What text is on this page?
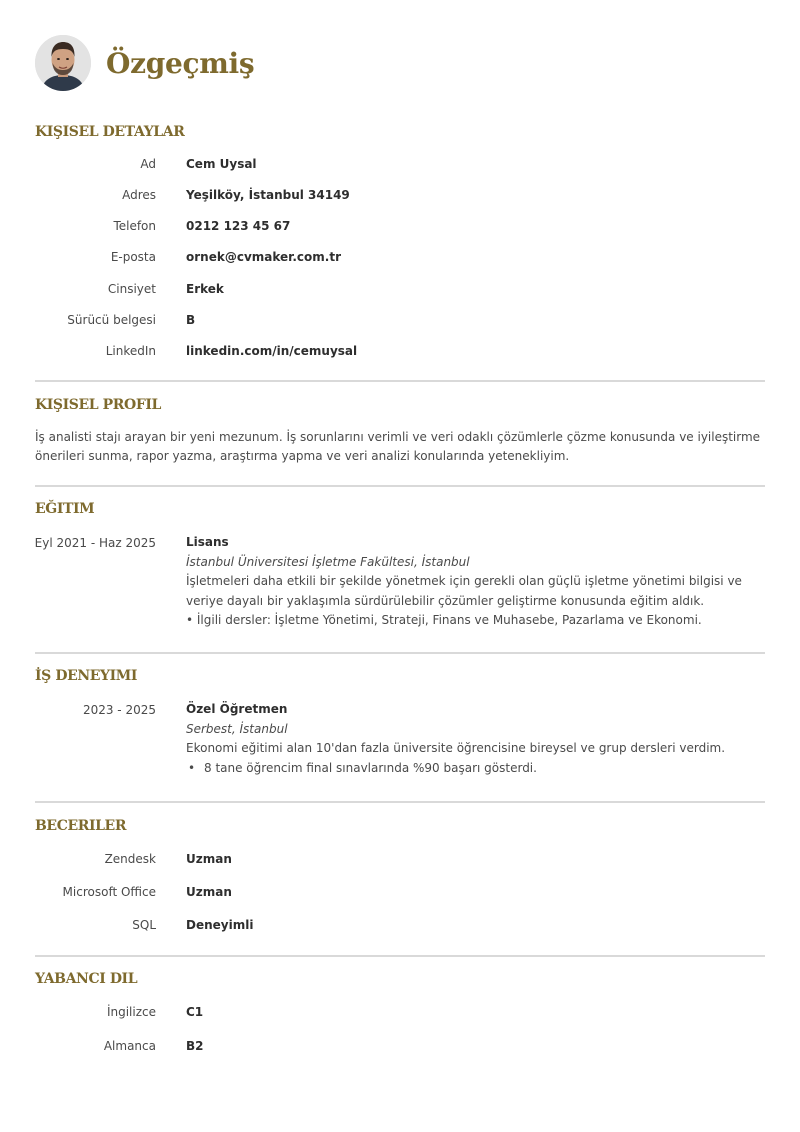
Özgeçmiş
KIŞISEL DETAYLAR
Ad	Cem Uysal
Adres	Yeşilköy, İstanbul 34149
Telefon	0212 123 45 67
E-posta	ornek@cvmaker.com.tr
Cinsiyet	Erkek
Sürücü belgesi	B
LinkedIn	linkedin.com/in/cemuysal
KIŞISEL PROFIL
İş analisti stajı arayan bir yeni mezunum. İş sorunlarını verimli ve veri odaklı çözümlerle çözme konusunda ve iyileştirme önerileri sunma, rapor yazma, araştırma yapma ve veri analizi konularında yetenekliyim.
EĞITIM
Eyl 2021 - Haz 2025	Lisans
İstanbul Üniversitesi İşletme Fakültesi, İstanbul
İşletmeleri daha etkili bir şekilde yönetmek için gerekli olan güçlü işletme yönetimi bilgisi ve veriye dayalı bir yaklaşımla sürdürülebilir çözümler geliştirme konusunda eğitim aldık.
• İlgili dersler: İşletme Yönetimi, Strateji, Finans ve Muhasebe, Pazarlama ve Ekonomi.
İŞ DENEYIMI
2023 - 2025	Özel Öğretmen
Serbest, İstanbul
Ekonomi eğitimi alan 10'dan fazla üniversite öğrencisine bireysel ve grup dersleri verdim.
• 8 tane öğrencim final sınavlarında %90 başarı gösterdi.
BECERILER
Zendesk	Uzman
Microsoft Office	Uzman
SQL	Deneyimli
YABANCI DIL
İngilizce	C1
Almanca	B2
